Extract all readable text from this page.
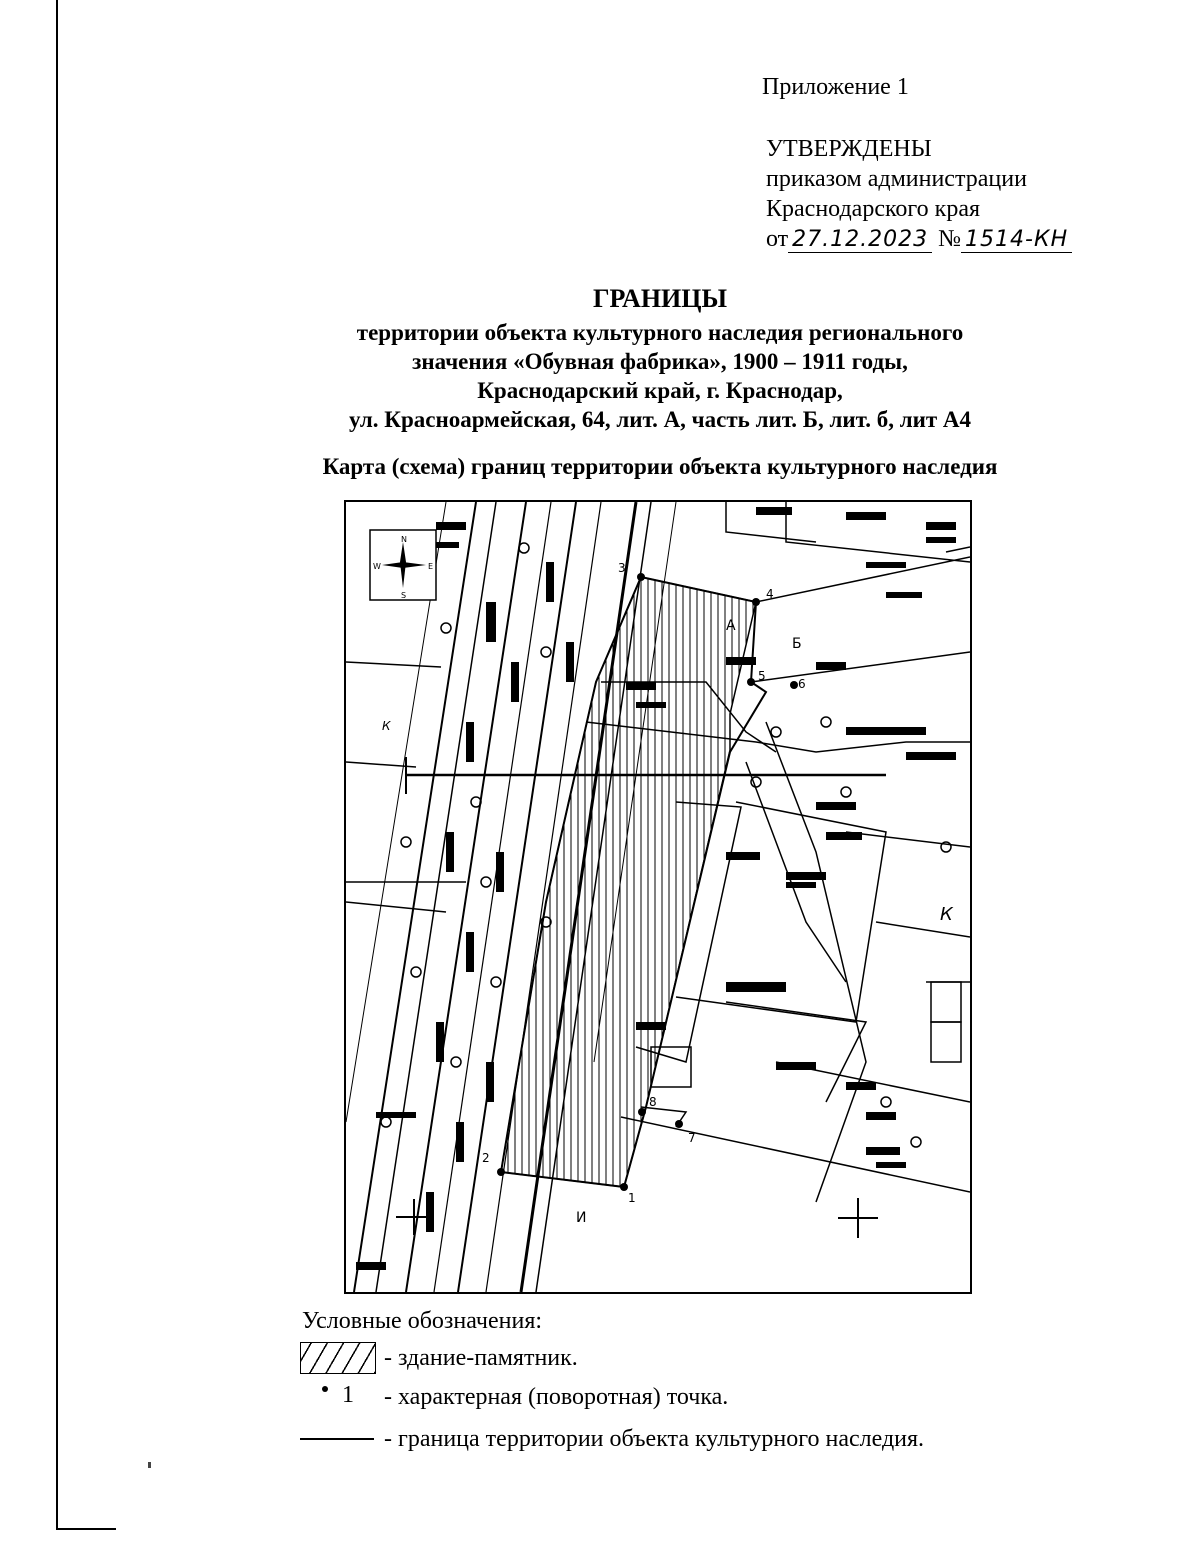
Приложение 1
УТВЕРЖДЕНЫ
приказом администрации
Краснодарского края
от 27.12.2023 № 1514-КН
ГРАНИЦЫ
территории объекта культурного наследия регионального
значения «Обувная фабрика», 1900 – 1911 годы,
Краснодарский край, г. Краснодар,
ул. Красноармейская, 64, лит. А, часть лит. Б, лит. б, лит А4
Карта (схема) границ территории объекта культурного наследия
N
S
W	E
1
2
3
4
5
6
7
8
А
Б
И
К
К
Условные обозначения:
- здание-памятник.
1 - характерная (поворотная) точка.
- граница территории объекта культурного наследия.
